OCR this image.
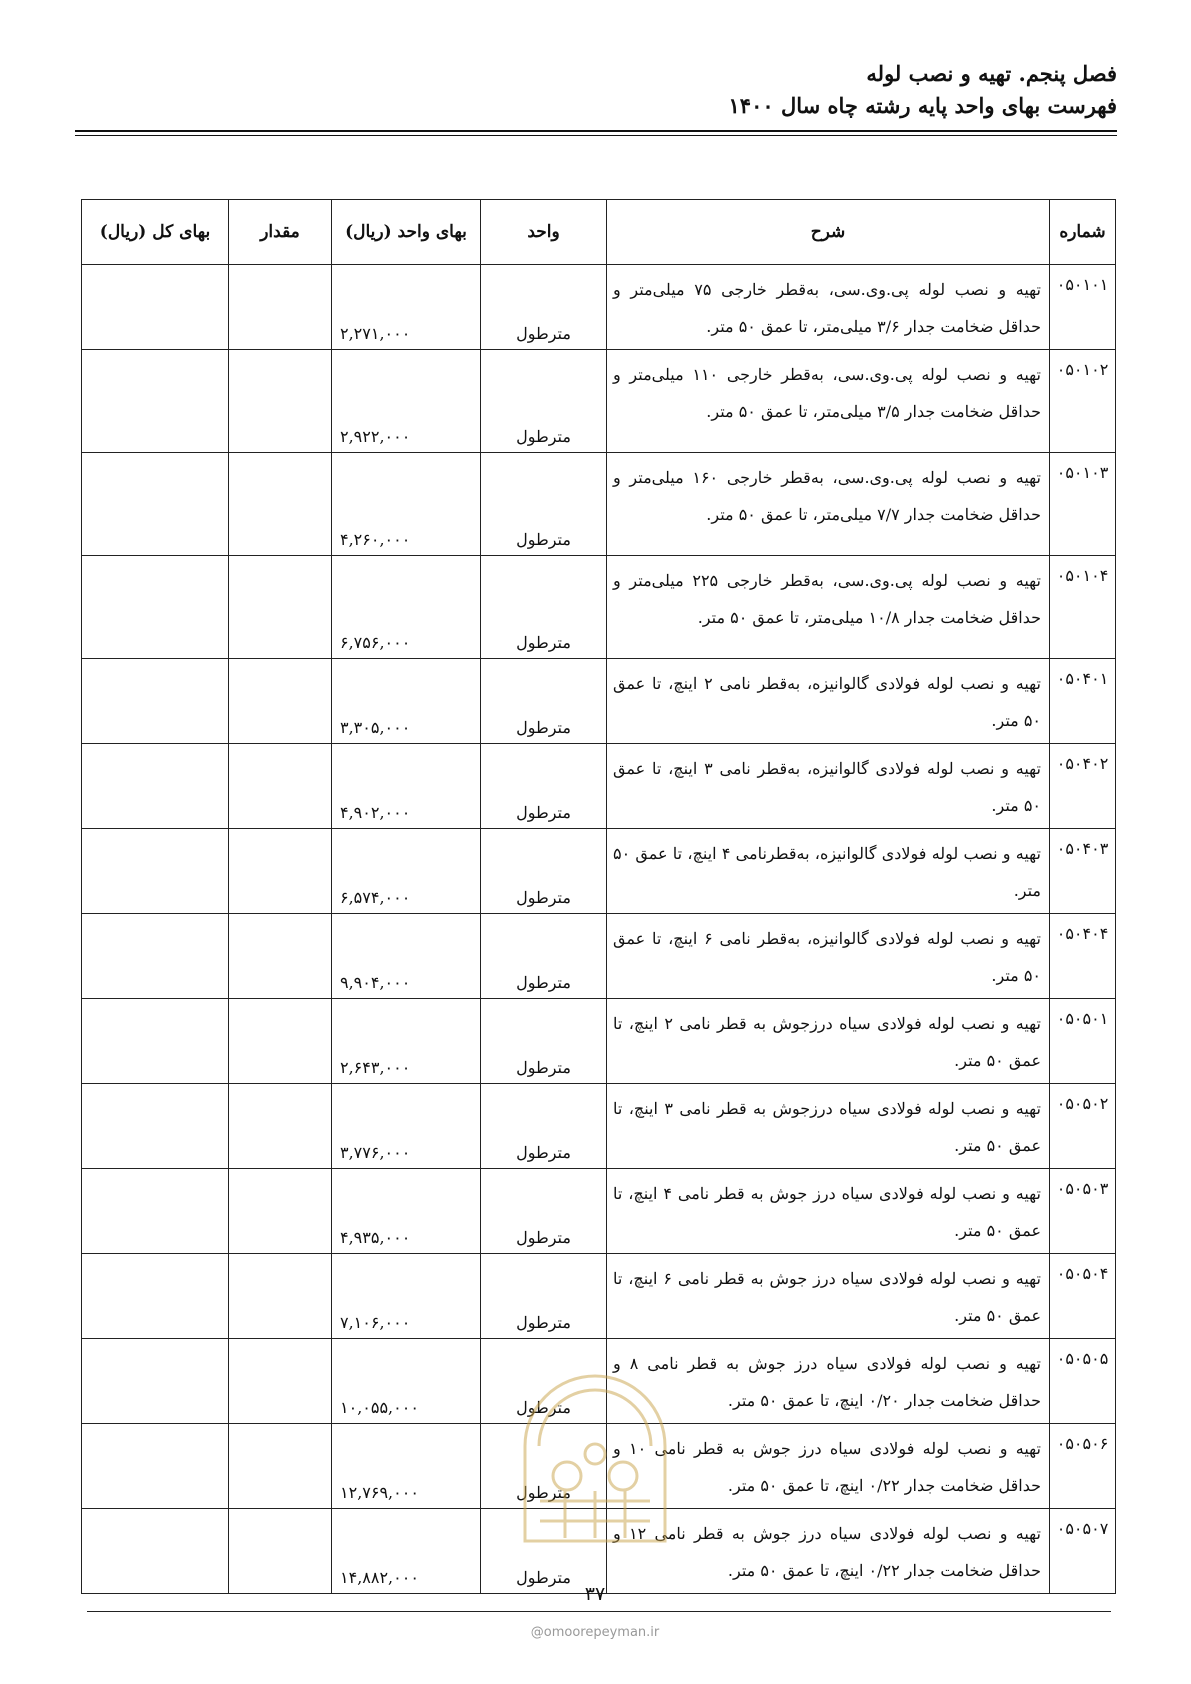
فصل پنجم. تهیه و نصب لوله
فهرست بهای واحد پایه رشته چاه سال ۱۴۰۰
شماره	شرح	واحد	بهای واحد (ریال)	مقدار	بهای کل (ریال)
۰۵۰۱۰۱	تهیه و نصب لوله پی.وی.سی، به‌قطر خارجی ۷۵ میلی‌متر و حداقل ضخامت جدار ۳/۶ میلی‌متر، تا عمق ۵۰ متر.	مترطول	۲,۲۷۱,۰۰۰		
۰۵۰۱۰۲	تهیه و نصب لوله پی.وی.سی، به‌قطر خارجی ۱۱۰ میلی‌متر و حداقل ضخامت جدار ۳/۵ میلی‌متر، تا عمق ۵۰ متر.	مترطول	۲,۹۲۲,۰۰۰		
۰۵۰۱۰۳	تهیه و نصب لوله پی.وی.سی، به‌قطر خارجی ۱۶۰ میلی‌متر و حداقل ضخامت جدار ۷/۷ میلی‌متر، تا عمق ۵۰ متر.	مترطول	۴,۲۶۰,۰۰۰		
۰۵۰۱۰۴	تهیه و نصب لوله پی.وی.سی، به‌قطر خارجی ۲۲۵ میلی‌متر و حداقل ضخامت جدار ۱۰/۸ میلی‌متر، تا عمق ۵۰ متر.	مترطول	۶,۷۵۶,۰۰۰		
۰۵۰۴۰۱	تهیه و نصب لوله فولادی گالوانیزه، به‌قطر نامی ۲ اینچ، تا عمق ۵۰ متر.	مترطول	۳,۳۰۵,۰۰۰		
۰۵۰۴۰۲	تهیه و نصب لوله فولادی گالوانیزه، به‌قطر نامی ۳ اینچ، تا عمق ۵۰ متر.	مترطول	۴,۹۰۲,۰۰۰		
۰۵۰۴۰۳	تهیه و نصب لوله فولادی گالوانیزه، به‌قطرنامی ۴ اینچ، تا عمق ۵۰ متر.	مترطول	۶,۵۷۴,۰۰۰		
۰۵۰۴۰۴	تهیه و نصب لوله فولادی گالوانیزه، به‌قطر نامی ۶ اینچ، تا عمق ۵۰ متر.	مترطول	۹,۹۰۴,۰۰۰		
۰۵۰۵۰۱	تهیه و نصب لوله فولادی سیاه درزجوش به قطر نامی ۲ اینچ، تا عمق ۵۰ متر.	مترطول	۲,۶۴۳,۰۰۰		
۰۵۰۵۰۲	تهیه و نصب لوله فولادی سیاه درزجوش به قطر نامی ۳ اینچ، تا عمق ۵۰ متر.	مترطول	۳,۷۷۶,۰۰۰		
۰۵۰۵۰۳	تهیه و نصب لوله فولادی سیاه درز جوش به قطر نامی ۴ اینچ، تا عمق ۵۰ متر.	مترطول	۴,۹۳۵,۰۰۰		
۰۵۰۵۰۴	تهیه و نصب لوله فولادی سیاه درز جوش به قطر نامی ۶ اینچ، تا عمق ۵۰ متر.	مترطول	۷,۱۰۶,۰۰۰		
۰۵۰۵۰۵	تهیه و نصب لوله فولادی سیاه درز جوش به قطر نامی ۸ و حداقل ضخامت جدار ۰/۲۰ اینچ، تا عمق ۵۰ متر.	مترطول	۱۰,۰۵۵,۰۰۰		
۰۵۰۵۰۶	تهیه و نصب لوله فولادی سیاه درز جوش به قطر نامی ۱۰ و حداقل ضخامت جدار ۰/۲۲ اینچ، تا عمق ۵۰ متر.	مترطول	۱۲,۷۶۹,۰۰۰		
۰۵۰۵۰۷	تهیه و نصب لوله فولادی سیاه درز جوش به قطر نامی ۱۲ و حداقل ضخامت جدار ۰/۲۲ اینچ، تا عمق ۵۰ متر.	مترطول	۱۴,۸۸۲,۰۰۰		
۳۷
@omoorepeyman.ir
